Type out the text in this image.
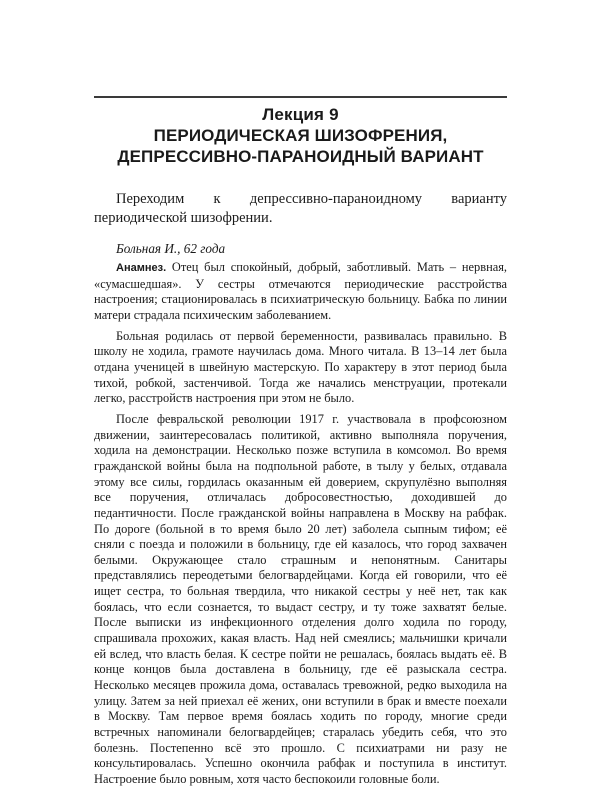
Лекция 9
ПЕРИОДИЧЕСКАЯ ШИЗОФРЕНИЯ,
ДЕПРЕССИВНО-ПАРАНОИДНЫЙ ВАРИАНТ

Переходим к депрессивно-параноидному варианту периодической шизофрении.

Больная И., 62 года

Анамнез. Отец был спокойный, добрый, заботливый. Мать – нервная, «сумасшедшая». У сестры отмечаются периодические расстройства настроения; стационировалась в психиатрическую больницу. Бабка по линии матери страдала психическим заболеванием.

Больная родилась от первой беременности, развивалась правильно. В школу не ходила, грамоте научилась дома. Много читала. В 13–14 лет была отдана ученицей в швейную мастерскую. По характеру в этот период была тихой, робкой, застенчивой. Тогда же начались менструации, протекали легко, расстройств настроения при этом не было.

После февральской революции 1917 г. участвовала в профсоюзном движении, заинтересовалась политикой, активно выполняла поручения, ходила на демонстрации. Несколько позже вступила в комсомол. Во время гражданской войны была на подпольной работе, в тылу у белых, отдавала этому все силы, гордилась оказанным ей доверием, скрупулёзно выполняя все поручения, отличалась добросовестностью, доходившей до педантичности. После гражданской войны направлена в Москву на рабфак. По дороге (больной в то время было 20 лет) заболела сыпным тифом; её сняли с поезда и положили в больницу, где ей казалось, что город захвачен белыми. Окружающее стало страшным и непонятным. Санитары представлялись переодетыми белогвардейцами. Когда ей говорили, что её ищет сестра, то больная твердила, что никакой сестры у неё нет, так как боялась, что если сознается, то выдаст сестру, и ту тоже захватят белые. После выписки из инфекционного отделения долго ходила по городу, спрашивала прохожих, какая власть. Над ней смеялись; мальчишки кричали ей вслед, что власть белая. К сестре пойти не решалась, боялась выдать её. В конце концов была доставлена в больницу, где её разыскала сестра. Несколько месяцев прожила дома, оставалась тревожной, редко выходила на улицу. Затем за ней приехал её жених, они вступили в брак и вместе поехали в Москву. Там первое время боялась ходить по городу, многие среди встречных напоминали белогвардейцев; старалась убедить себя, что это болезнь. Постепенно всё это прошло. С психиатрами ни разу не консультировалась. Успешно окончила рабфак и поступила в институт. Настроение было ровным, хотя часто беспокоили головные боли.
